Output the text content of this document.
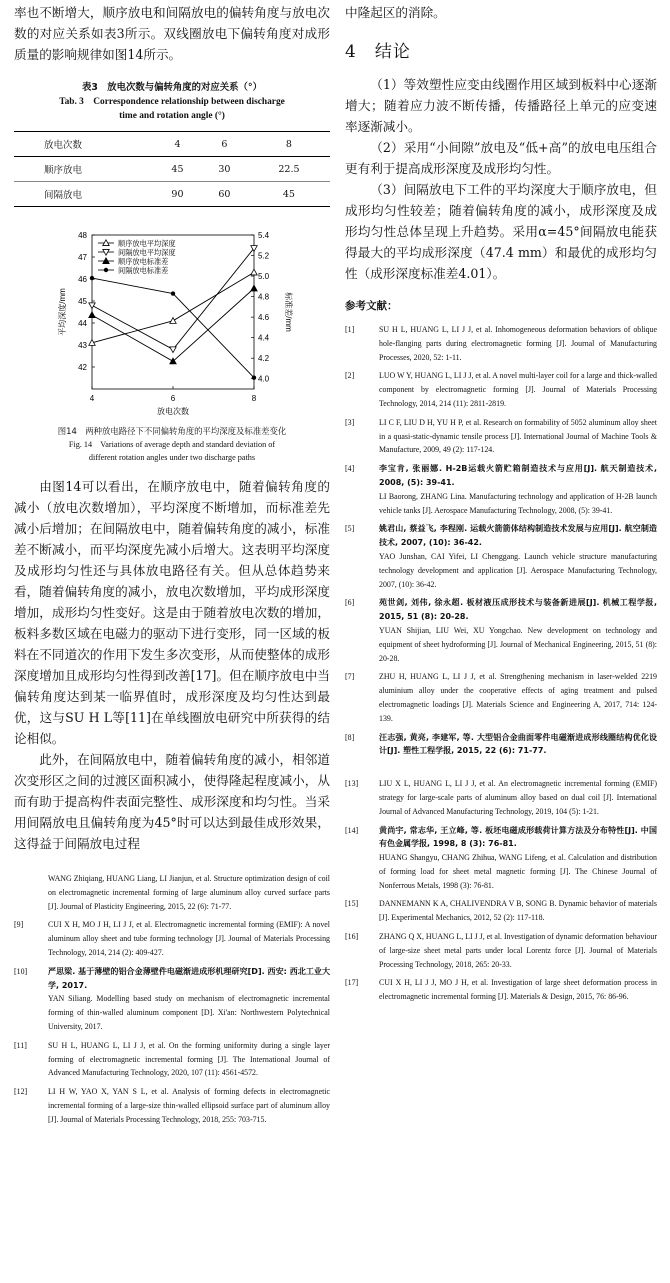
率也不断增大，顺序放电和间隔放电的偏转角度与放电次数的对应关系如表3所示。双线圈放电下偏转角度对成形质量的影响规律如图14所示。

表3　放电次数与偏转角度的对应关系（°）

Tab. 3　Correspondence relationship between discharge

time and rotation angle (°)

放电次数	4	6	8
顺序放电	45	30	22.5
间隔放电	90	60	45
42
43
44
45
46
47
48
4.0
4.2
4.4
4.6
4.8
5.0
5.2
5.4
4	6	8
放电次数
平均深度/mm	标准差/mm
顺序放电平均深度
间隔放电平均深度
顺序放电标准差
间隔放电标准差

图14　两种放电路径下不同偏转角度的平均深度及标准差变化

Fig. 14　Variations of average depth and standard deviation of

different rotation angles under two discharge paths

由图14可以看出，在顺序放电中，随着偏转角度的减小（放电次数增加），平均深度不断增加，而标准差先减小后增加；在间隔放电中，随着偏转角度的减小，标准差不断减小，而平均深度先减小后增大。这表明平均深度及成形均匀性还与具体放电路径有关。但从总体趋势来看，随着偏转角度的减小，放电次数增加，平均成形深度增加，成形均匀性变好。这是由于随着放电次数的增加，板料多数区域在电磁力的驱动下进行变形，同一区域的板料在不同道次的作用下发生多次变形，从而使整体的成形深度增加且成形均匀性得到改善[17]。但在顺序放电中当偏转角度达到某一临界值时，成形深度及均匀性达到最优，这与SU H L等[11]在单线圈放电研究中所获得的结论相似。

此外，在间隔放电中，随着偏转角度的减小，相邻道次变形区之间的过渡区面积减小，使得隆起程度减小，从而有助于提高构件表面完整性、成形深度和均匀性。当采用间隔放电且偏转角度为45°时可以达到最佳成形效果，这得益于间隔放电过程

WANG Zhiqiang, HUANG Liang, LI Jianjun, et al. Structure optimization design of coil on electromagnetic incremental forming of large aluminum alloy curved surface parts [J]. Journal of Plasticity Engineering, 2015, 22 (6): 71-77.
[9]	CUI X H, MO J H, LI J J, et al. Electromagnetic incremental forming (EMIF): A novel aluminum alloy sheet and tube forming technology [J]. Journal of Materials Processing Technology, 2014, 214 (2): 409-427.
[10]	严思梁. 基于薄壁的铝合金薄壁件电磁渐进成形机理研究[D]. 西安: 西北工业大学, 2017.
YAN Siliang. Modelling based study on mechanism of electromagnetic incremental forming of thin-walled aluminum component [D]. Xi'an: Northwestern Polytechnical University, 2017.
[11]	SU H L, HUANG L, LI J J, et al. On the forming uniformity during a single layer forming of electromagnetic incremental forming [J]. The International Journal of Advanced Manufacturing Technology, 2020, 107 (11): 4561-4572.
[12]	LI H W, YAO X, YAN S L, et al. Analysis of forming defects in electromagnetic incremental forming of a large-size thin-walled ellipsoid surface part of aluminum alloy [J]. Journal of Materials Processing Technology, 2018, 255: 703-715.

中隆起区的消除。

4　结论

（1）等效塑性应变由线圈作用区域到板料中心逐渐增大；随着应力波不断传播，传播路径上单元的应变速率逐渐减小。

（2）采用“小间隙”放电及“低+高”的放电电压组合更有利于提高成形深度及成形均匀性。

（3）间隔放电下工件的平均深度大于顺序放电，但成形均匀性较差；随着偏转角度的减小，成形深度及成形均匀性总体呈现上升趋势。采用α=45°间隔放电能获得最大的平均成形深度（47.4 mm）和最优的成形均匀性（成形深度标准差4.01）。

参考文献：

[1]	SU H L, HUANG L, LI J J, et al. Inhomogeneous deformation behaviors of oblique hole-flanging parts during electromagnetic forming [J]. Journal of Manufacturing Processes, 2020, 52: 1-11.
[2]	LUO W Y, HUANG L, LI J J, et al. A novel multi-layer coil for a large and thick-walled component by electromagnetic forming [J]. Journal of Materials Processing Technology, 2014, 214 (11): 2811-2819.
[3]	LI C F, LIU D H, YU H P, et al. Research on formability of 5052 aluminum alloy sheet in a quasi-static-dynamic tensile process [J]. International Journal of Machine Tools & Manufacture, 2009, 49 (2): 117-124.
[4]	李宝肯, 张丽娜. H-2B运载火箭贮箱制造技术与应用[J]. 航天制造技术, 2008, (5): 39-41.
LI Baorong, ZHANG Lina. Manufacturing technology and application of H-2B launch vehicle tanks [J]. Aerospace Manufacturing Technology, 2008, (5): 39-41.
[5]	姚君山, 蔡益飞, 李程刚. 运载火箭箭体结构制造技术发展与应用[J]. 航空制造技术, 2007, (10): 36-42.
YAO Junshan, CAI Yifei, LI Chenggang. Launch vehicle structure manufacturing technology development and application [J]. Aerospace Manufacturing Technology, 2007, (10): 36-42.
[6]	苑世剑, 刘伟, 徐永超. 板材液压成形技术与装备新进展[J]. 机械工程学报, 2015, 51 (8): 20-28.
YUAN Shijian, LIU Wei, XU Yongchao. New development on technology and equipment of sheet hydroforming [J]. Journal of Mechanical Engineering, 2015, 51 (8): 20-28.
[7]	ZHU H, HUANG L, LI J J, et al. Strengthening mechanism in laser-welded 2219 aluminium alloy under the cooperative effects of aging treatment and pulsed electromagnetic loadings [J]. Materials Science and Engineering A, 2017, 714: 124-139.
[8]	汪志强, 黄亮, 李建军, 等. 大型铝合金曲面零件电磁渐进成形线圈结构优化设计[J]. 塑性工程学报, 2015, 22 (6): 71-77.
[13]	LIU X L, HUANG L, LI J J, et al. An electromagnetic incremental forming (EMIF) strategy for large-scale parts of aluminum alloy based on dual coil [J]. International Journal of Advanced Manufacturing Technology, 2019, 104 (5): 1-21.
[14]	黄尚宇, 常志华, 王立峰, 等. 板坯电磁成形载荷计算方法及分布特性[J]. 中国有色金属学报, 1998, 8 (3): 76-81.
HUANG Shangyu, CHANG Zhihua, WANG Lifeng, et al. Calculation and distribution of forming load for sheet metal magnetic forming [J]. The Chinese Journal of Nonferrous Metals, 1998 (3): 76-81.
[15]	DANNEMANN K A, CHALIVENDRA V B, SONG B. Dynamic behavior of materials [J]. Experimental Mechanics, 2012, 52 (2): 117-118.
[16]	ZHANG Q X, HUANG L, LI J J, et al. Investigation of dynamic deformation behaviour of large-size sheet metal parts under local Lorentz force [J]. Journal of Materials Processing Technology, 2018, 265: 20-33.
[17]	CUI X H, LI J J, MO J H, et al. Investigation of large sheet deformation process in electromagnetic incremental forming [J]. Materials & Design, 2015, 76: 86-96.
